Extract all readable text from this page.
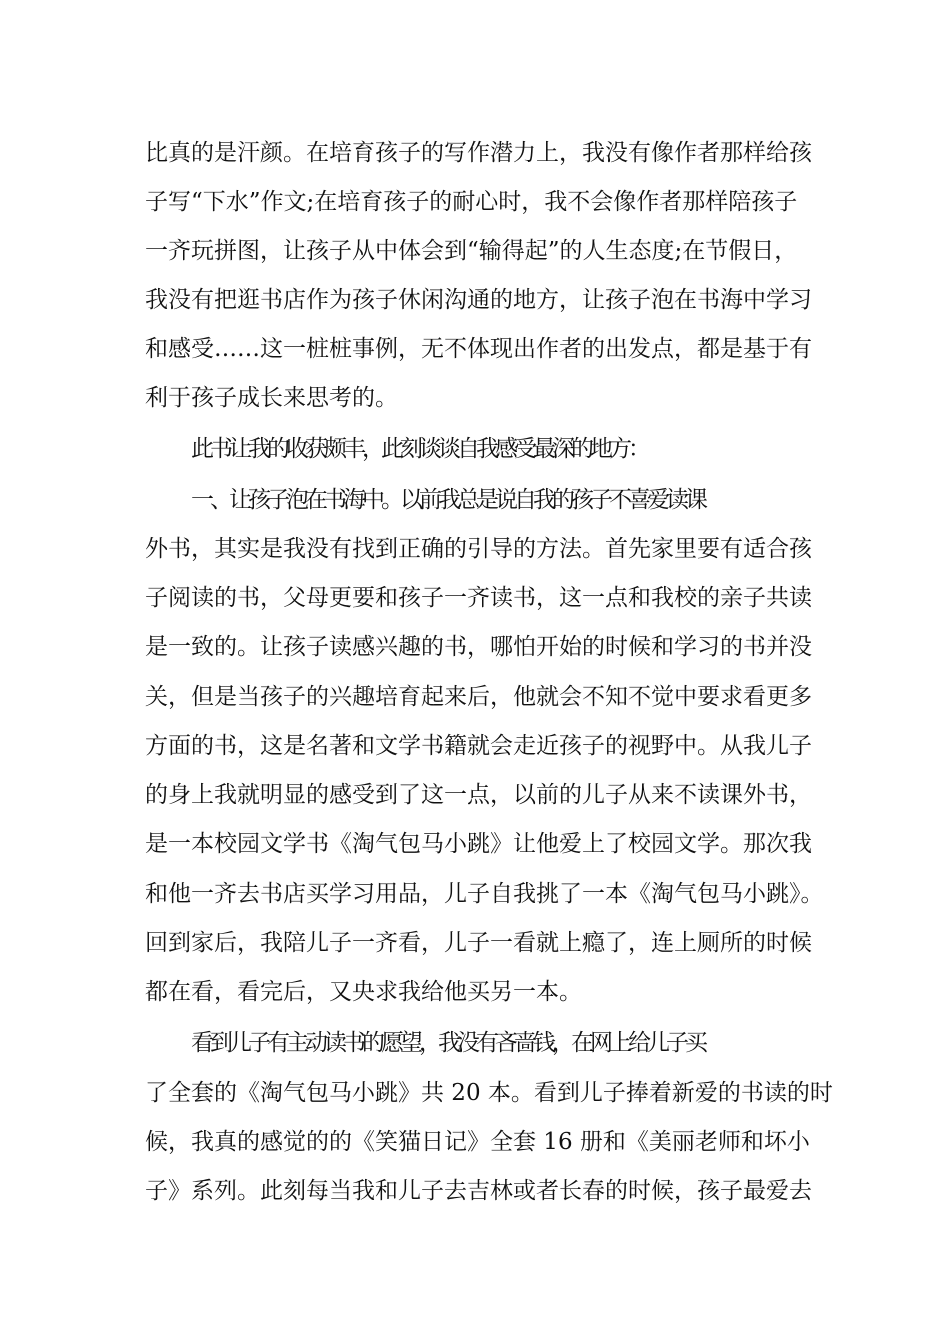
比真的是汗颜。在培育孩子的写作潜力上，我没有像作者那样给孩
子写“下水”作文;在培育孩子的耐心时，我不会像作者那样陪孩子
一齐玩拼图，让孩子从中体会到“输得起”的人生态度;在节假日，
我没有把逛书店作为孩子休闲沟通的地方，让孩子泡在书海中学习
和感受……这一桩桩事例，无不体现出作者的出发点，都是基于有
利于孩子成长来思考的。
此书让我的收获颇丰，此刻谈谈自我感受最深的地方：
一、让孩子泡在书海中。以前我总是说自我的孩子不喜爱读课
外书，其实是我没有找到正确的引导的方法。首先家里要有适合孩
子阅读的书，父母更要和孩子一齐读书，这一点和我校的亲子共读
是一致的。让孩子读感兴趣的书，哪怕开始的时候和学习的书并没
关，但是当孩子的兴趣培育起来后，他就会不知不觉中要求看更多
方面的书，这是名著和文学书籍就会走近孩子的视野中。从我儿子
的身上我就明显的感受到了这一点，以前的儿子从来不读课外书，
是一本校园文学书《淘气包马小跳》让他爱上了校园文学。那次我
和他一齐去书店买学习用品，儿子自我挑了一本《淘气包马小跳》。
回到家后，我陪儿子一齐看，儿子一看就上瘾了，连上厕所的时候
都在看，看完后，又央求我给他买另一本。
看到儿子有主动读书的愿望，我没有吝啬钱，在网上给儿子买
了全套的《淘气包马小跳》共 20 本。看到儿子捧着新爱的书读的时
候，我真的感觉的的《笑猫日记》全套 16 册和《美丽老师和坏小
子》系列。此刻每当我和儿子去吉林或者长春的时候，孩子最爱去
